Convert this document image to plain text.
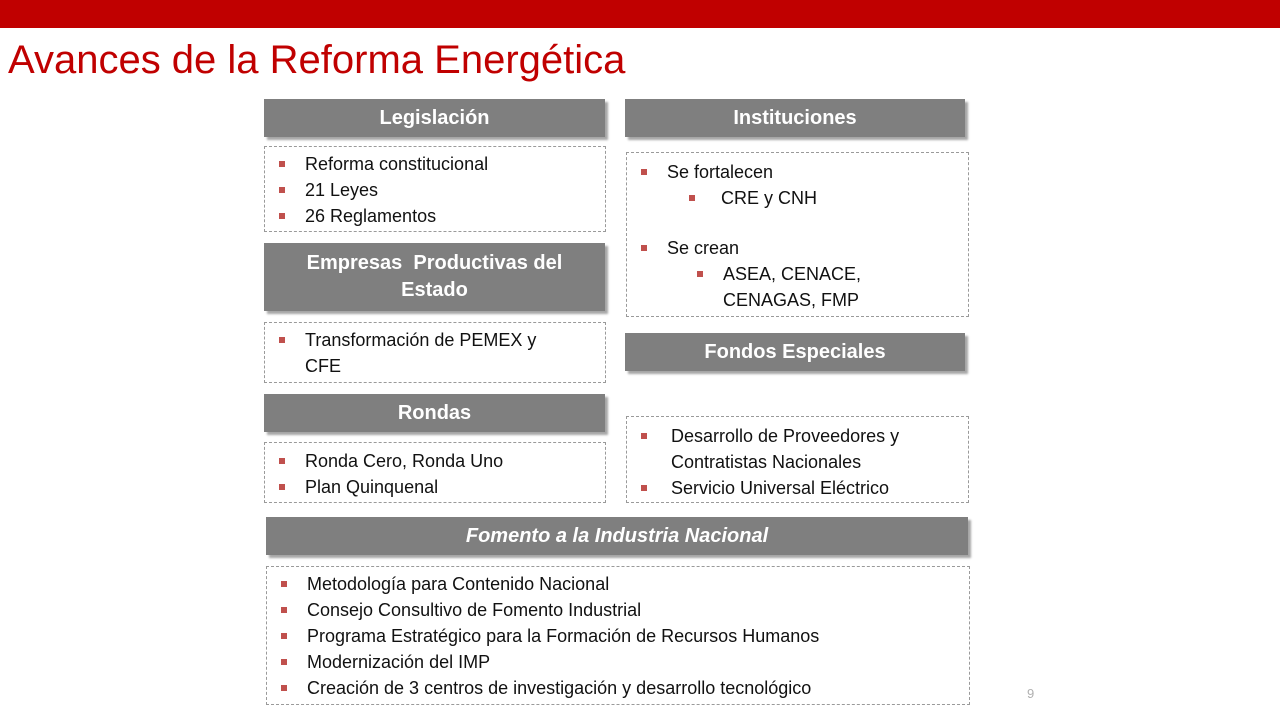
Avances de la Reforma Energética
Legislación
Reforma constitucional
21 Leyes
26 Reglamentos
Empresas  Productivas del
Estado
Transformación de PEMEX y
CFE
Rondas
Ronda Cero, Ronda Uno
Plan Quinquenal
Instituciones
Se fortalecen
CRE y CNH
Se crean
ASEA, CENACE,
CENAGAS, FMP
Fondos Especiales
Desarrollo de Proveedores y
Contratistas Nacionales
Servicio Universal Eléctrico
Fomento a la Industria Nacional
Metodología para Contenido Nacional
Consejo Consultivo de Fomento Industrial
Programa Estratégico para la Formación de Recursos Humanos
Modernización del IMP
Creación de 3 centros de investigación y desarrollo tecnológico	9
